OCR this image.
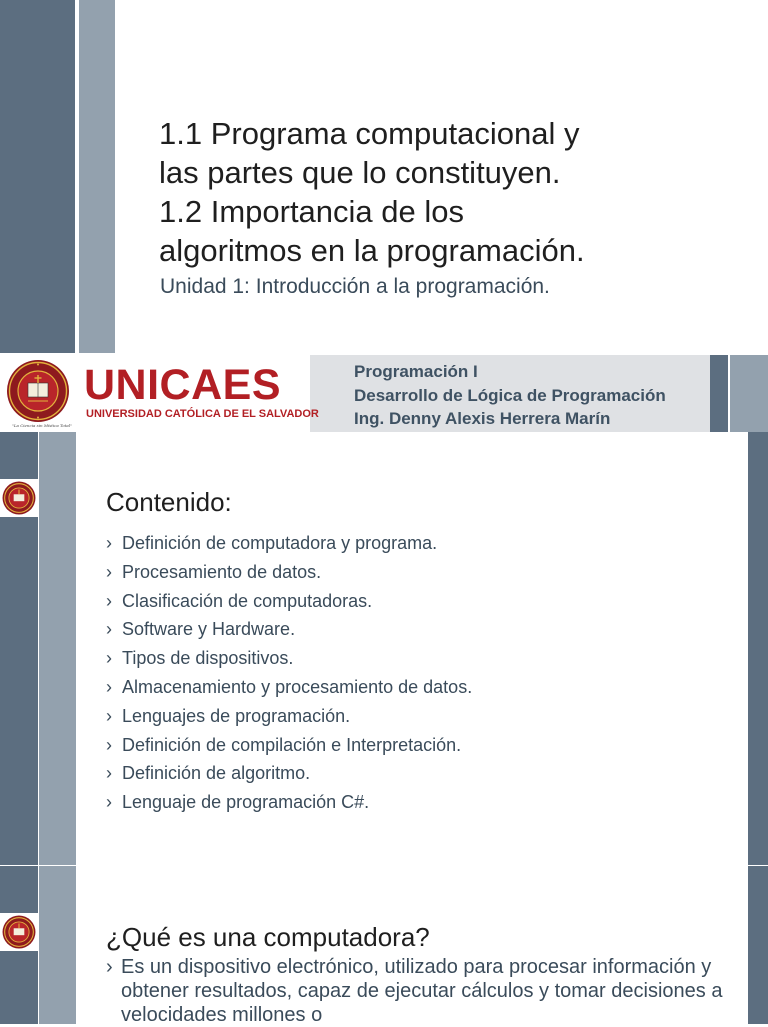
1.1 Programa computacional y
las partes que lo constituyen.
1.2 Importancia de los
algoritmos en la programación.
Unidad 1: Introducción a la programación.
"La Ciencia sin Mística Total"
UNICAES
UNIVERSIDAD CATÓLICA DE EL SALVADOR
Programación I
Desarrollo de Lógica de Programación
Ing. Denny Alexis Herrera Marín
Contenido:
› Definición de computadora y programa.
› Procesamiento de datos.
› Clasificación de computadoras.
› Software y Hardware.
› Tipos de dispositivos.
› Almacenamiento y procesamiento de datos.
› Lenguajes de programación.
› Definición de compilación e Interpretación.
› Definición de algoritmo.
› Lenguaje de programación C#.
¿Qué es una computadora?
› Es un dispositivo electrónico, utilizado para procesar información y obtener resultados, capaz de ejecutar cálculos y tomar decisiones a velocidades millones o
